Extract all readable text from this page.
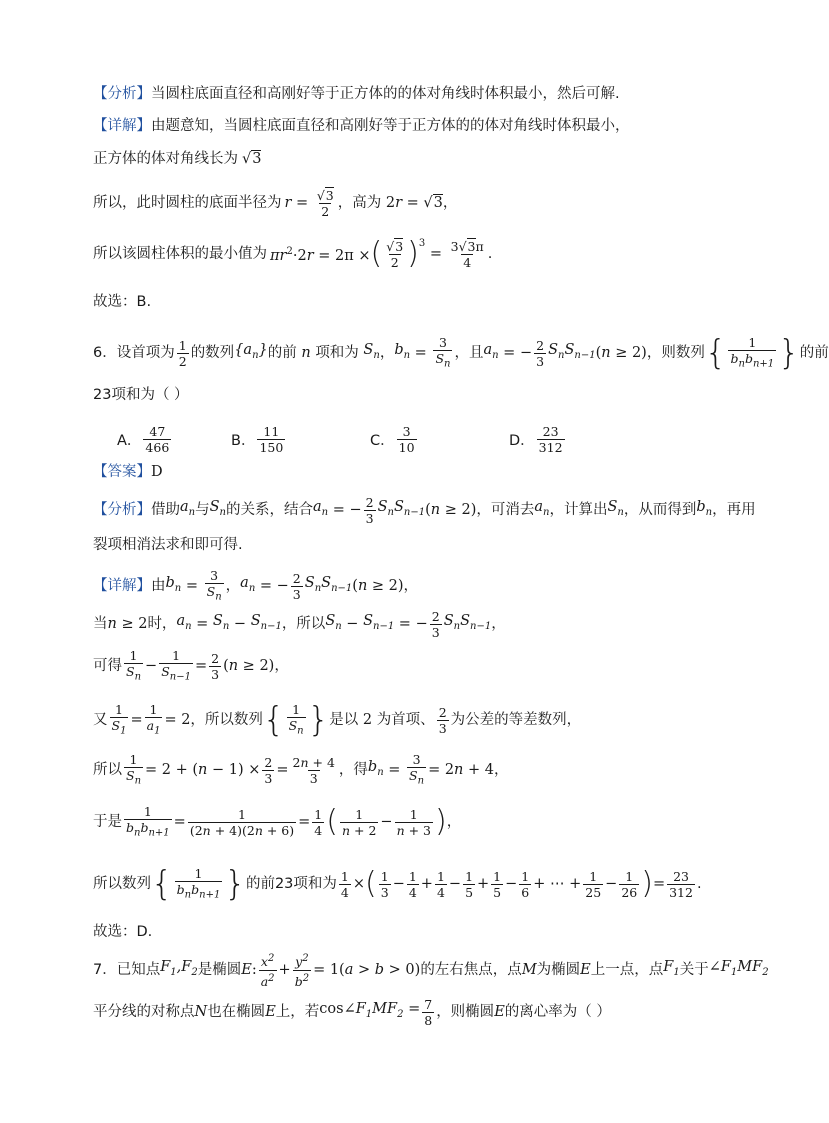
【分析】 当圆柱底面直径和高刚好等于正方体的的体对角线时体积最小，然后可解.
【详解】 由题意知，当圆柱底面直径和高刚好等于正方体的的体对角线时体积最小，
正方体的体对角线长为 √3
所以，此时圆柱的底面半径为 $r = \frac{√3}{2}$ ，高为 2r = √3 ，
所以该圆柱体积的最小值为 $\pi r^2\cdot 2r = 2\pi$ × ( $\frac{√3}{2} )^3$
= $\frac{3√3\pi}{4}$ .
故选：B.
6． 设首项为 $\frac{1}{2}$ 的数列 $\{a_n\}$ 的前 n 项和为 $S_n$ ， $b_n = \frac{3}{S_n}$ ，且 $a_n$ = − $\frac{2}{3} S_nS_{n-1}$ (n ≥ 2) ，则数列 { $\frac{1}{b_nb_{n+1}}$ } 的前
23项和为（ ）
A． $\frac{47}{466}$	B． $\frac{11}{150}$	C． $\frac{3}{10}$	D． $\frac{23}{312}$
【答案】 D
【分析】 借助 $a_n$ 与 $S_n$ 的关系，结合 $a_n$ = − $\frac{2}{3} S_nS_{n-1}$ (n ≥ 2) ，可消去 $a_n$ ，计算出 $S_n$ ，从而得到 $b_n$ ，再用
裂项相消法求和即可得.
【详解】 由 $b_n = \frac{3}{S_n}$ ， $a_n$ = − $\frac{2}{3} S_nS_{n-1}$ (n ≥ 2) ，
当 n ≥ 2 时， $a_n = S_n - S_{n-1}$ ，所以 $S_n - S_{n-1}$ = − $\frac{2}{3} S_nS_{n-1}$ ，
可得 $\frac{1}{S_n} - \frac{1}{S_{n-1}} = \frac{2}{3} (n \ge 2)$ ，
又 $\frac{1}{S_1} = \frac{1}{a_1} = 2$ ，所以数列 { $\frac{1}{S_n}$ } 是以 2 为首项、 $\frac{2}{3}$ 为公差的等差数列，
所以 $\frac{1}{S_n} = 2 + (n - 1) \times \frac{2}{3} = \frac{2n + 4}{3}$ ，得 $b_n = \frac{3}{S_n} = 2n + 4$ ，
于是 $\frac{1}{b_nb_{n+1}} = \frac{1}{(2n + 4)(2n + 6)} = \frac{1}{4}$ ( $\frac{1}{n + 2} - \frac{1}{n + 3}$ ) ，
所以数列 { $\frac{1}{b_nb_{n+1}}$ } 的前23项和为 $\frac{1}{4}$ × ( $\frac{1}{3} - \frac{1}{4} + \frac{1}{4} - \frac{1}{5} + \frac{1}{5} - \frac{1}{6}$ + ⋯ + $\frac{1}{25} - \frac{1}{26}$ ) = $\frac{23}{312}$ .
故选：D.
7． 已知点 $F_1,F_2$ 是椭圆 E : $\frac{x^2}{a^2} + \frac{y^2}{b^2} = 1(a > b > 0)$ 的左右焦点，点 M 为椭圆 E 上一点，点 $F_1$ 关于 $\angle F_1MF_2$
平分线的对称点 N 也在椭圆 E 上，若 $\cos\angle F_1MF_2 = \frac{7}{8}$ ，则椭圆 E 的离心率为（ ）
